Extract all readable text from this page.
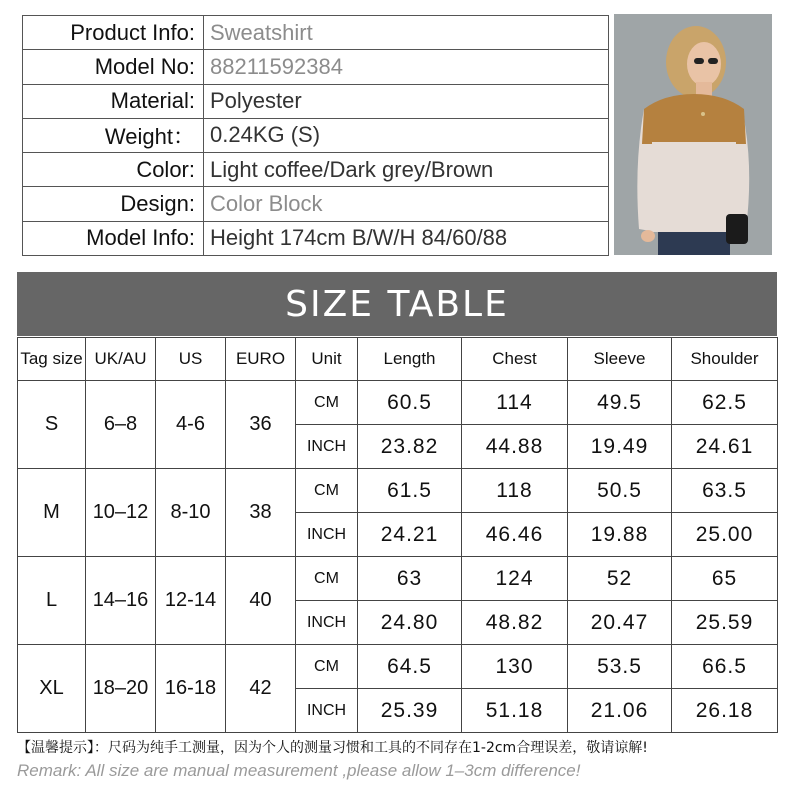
Product Info:	Sweatshirt
Model No:	88211592384
Material:	Polyester
Weight：	0.24KG (S)
Color:	Light coffee/Dark grey/Brown
Design:	Color Block
Model Info:	Height 174cm B/W/H 84/60/88
SIZE TABLE
Tag size	UK/AU	US	EURO	Unit	Length	Chest	Sleeve	Shoulder
S	6–8	4-6	36	CM	60.5	114	49.5	62.5
				INCH	23.82	44.88	19.49	24.61
M	10–12	8-10	38	CM	61.5	118	50.5	63.5
				INCH	24.21	46.46	19.88	25.00
L	14–16	12-14	40	CM	63	124	52	65
				INCH	24.80	48.82	20.47	25.59
XL	18–20	16-18	42	CM	64.5	130	53.5	66.5
				INCH	25.39	51.18	21.06	26.18
【温馨提示】：尺码为纯手工测量，因为个人的测量习惯和工具的不同存在1-2cm合理误差，敬请谅解!
Remark: All size are manual measurement ,please allow 1–3cm difference!
